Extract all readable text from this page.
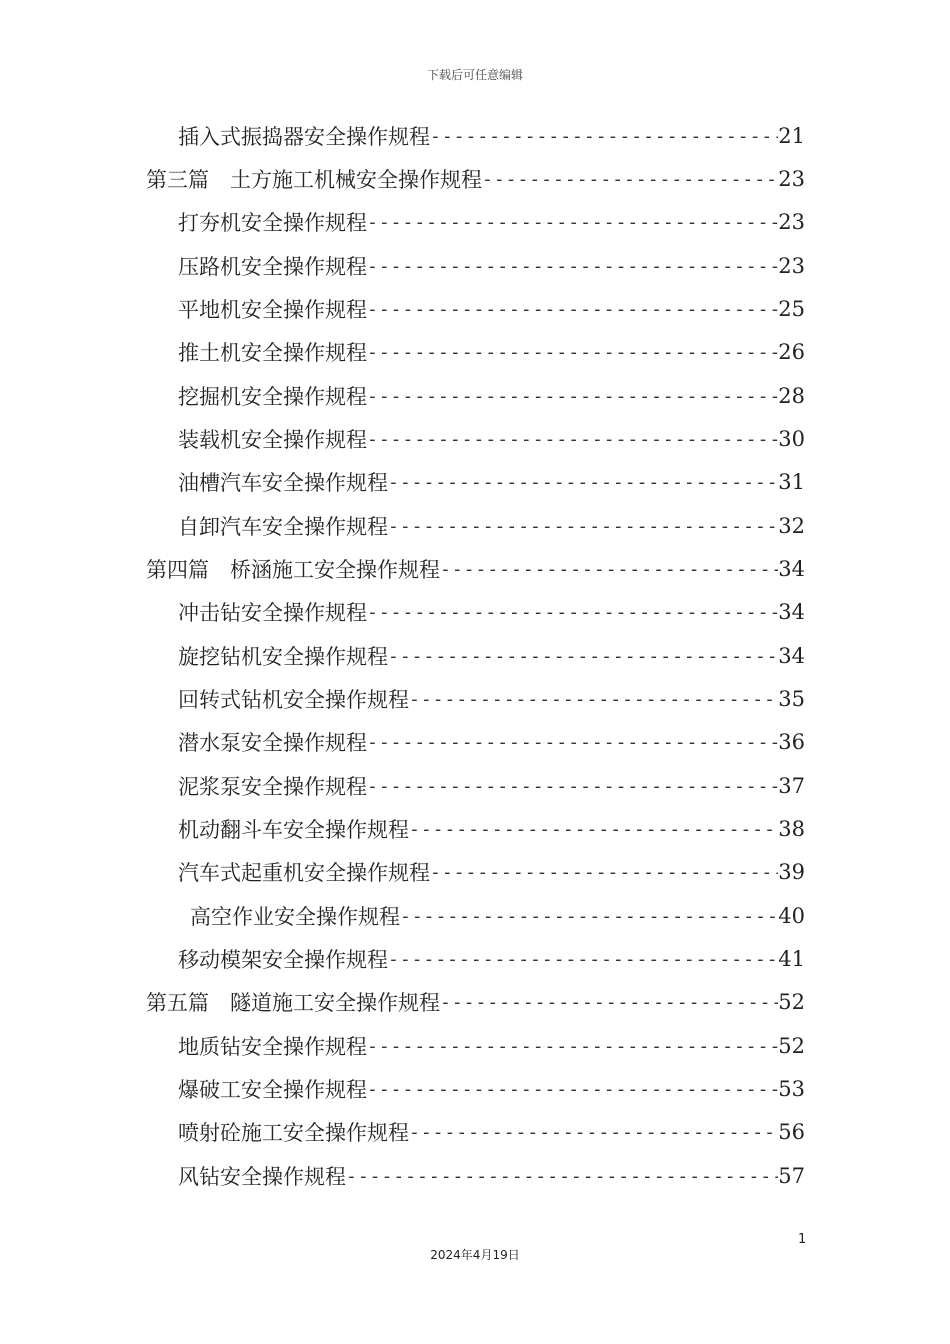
下载后可任意编辑
插入式振捣器安全操作规程 -----	21
第三篇　土方施工机械安全操作规程 -----	23
打夯机安全操作规程 -----	23
压路机安全操作规程 -----	23
平地机安全操作规程 -----	25
推土机安全操作规程 -----	26
挖掘机安全操作规程 -----	28
装载机安全操作规程 -----	30
油槽汽车安全操作规程 -----	31
自卸汽车安全操作规程 -----	32
第四篇　桥涵施工安全操作规程 -----	34
冲击钻安全操作规程 -----	34
旋挖钻机安全操作规程 -----	34
回转式钻机安全操作规程 -----	35
潜水泵安全操作规程 -----	36
泥浆泵安全操作规程 -----	37
机动翻斗车安全操作规程 -----	38
汽车式起重机安全操作规程 -----	39
高空作业安全操作规程 -----	40
移动模架安全操作规程 -----	41
第五篇　隧道施工安全操作规程 -----	52
地质钻安全操作规程 -----	52
爆破工安全操作规程 -----	53
喷射砼施工安全操作规程 -----	56
风钻安全操作规程 -----	57
1
2024年4月19日
